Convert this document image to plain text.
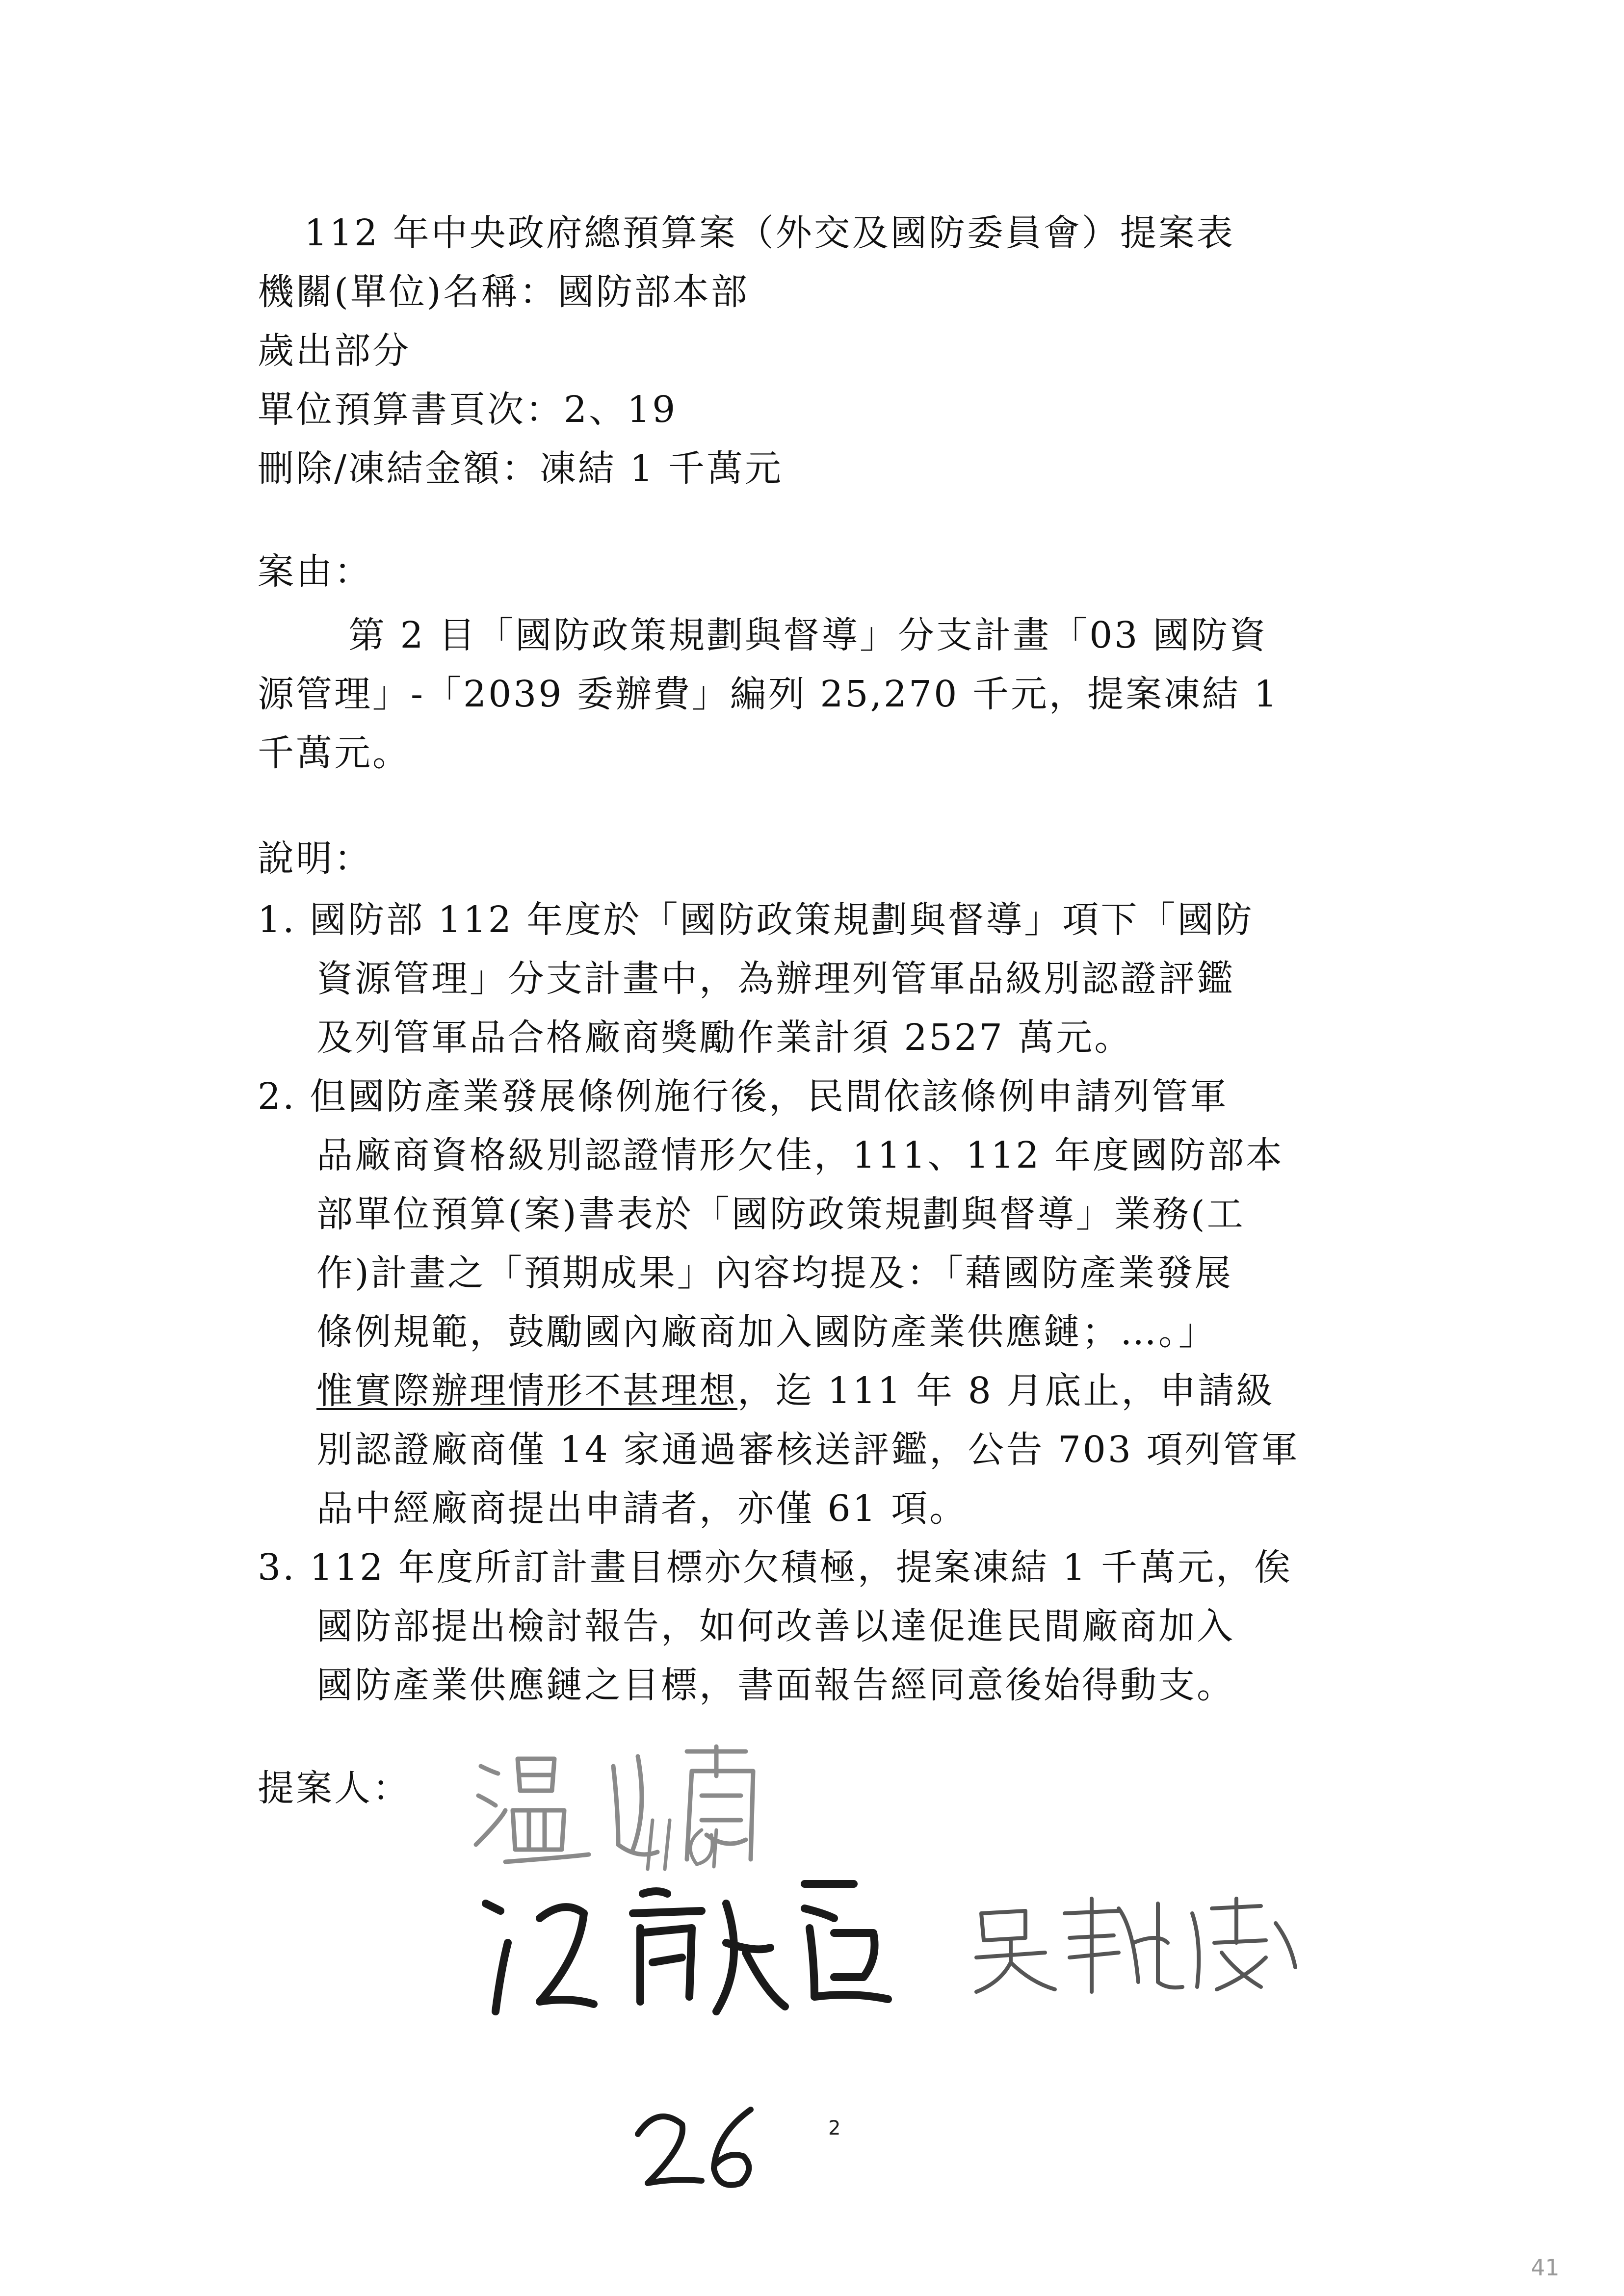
112 年中央政府總預算案（外交及國防委員會）提案表
機關(單位)名稱：國防部本部
歲出部分
單位預算書頁次：2、19
刪除/凍結金額：凍結 1 千萬元
案由：
第 2 目「國防政策規劃與督導」分支計畫「03 國防資
源管理」-「2039 委辦費」編列 25,270 千元，提案凍結 1
千萬元。
說明：
1. 國防部 112 年度於「國防政策規劃與督導」項下「國防
資源管理」分支計畫中，為辦理列管軍品級別認證評鑑
及列管軍品合格廠商獎勵作業計須 2527 萬元。
2. 但國防產業發展條例施行後，民間依該條例申請列管軍
品廠商資格級別認證情形欠佳，111、112 年度國防部本
部單位預算(案)書表於「國防政策規劃與督導」業務(工
作)計畫之「預期成果」內容均提及：「藉國防產業發展
條例規範，鼓勵國內廠商加入國防產業供應鏈；…。」
惟實際辦理情形不甚理想，迄 111 年 8 月底止，申請級
別認證廠商僅 14 家通過審核送評鑑，公告 703 項列管軍
品中經廠商提出申請者，亦僅 61 項。
3. 112 年度所訂計畫目標亦欠積極，提案凍結 1 千萬元，俟
國防部提出檢討報告，如何改善以達促進民間廠商加入
國防產業供應鏈之目標，書面報告經同意後始得動支。
提案人：
2
41
